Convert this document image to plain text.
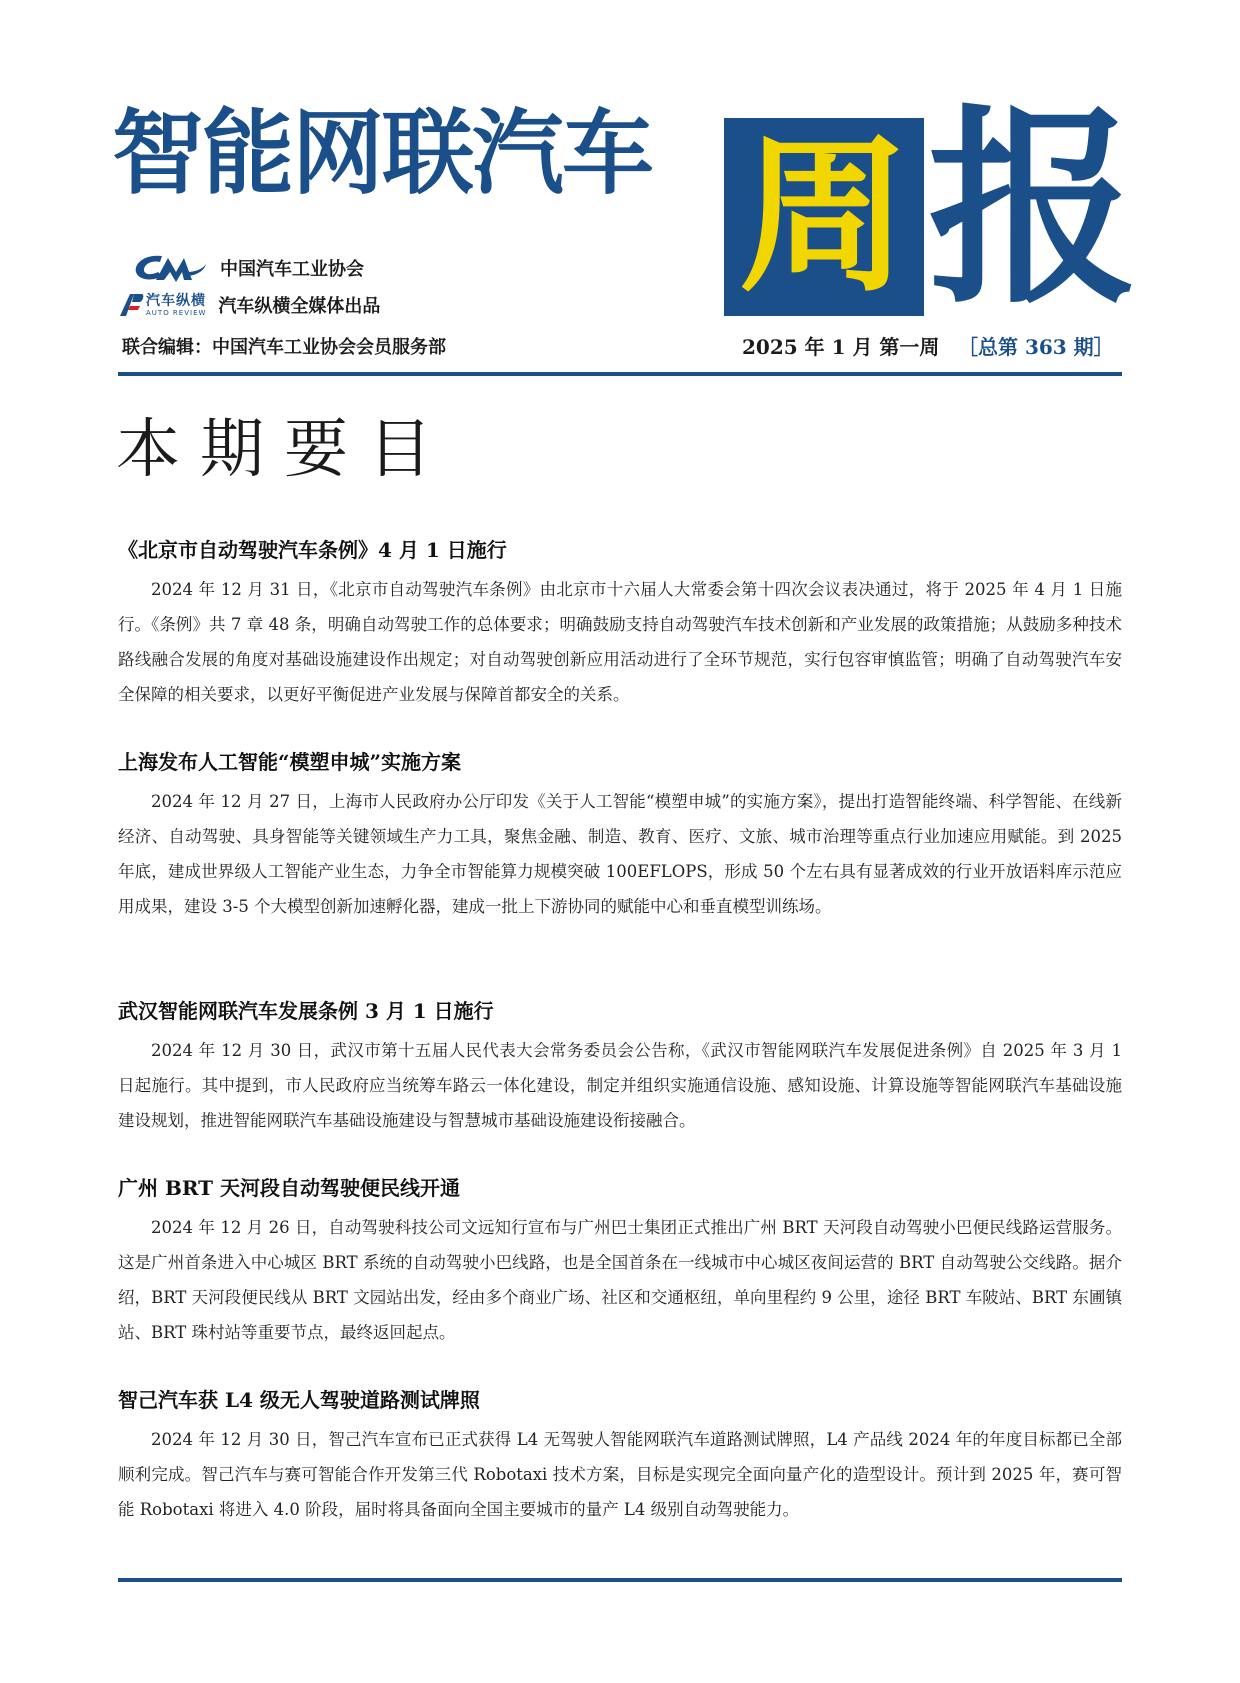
智能网联汽车 周 报
中国汽车工业协会
汽车纵横
AUTO REVIEW 汽车纵横全媒体出品
联合编辑：中国汽车工业协会会员服务部	2025 年 1 月 第一周 ［总第 363 期］
本期要目

《北京市自动驾驶汽车条例》4 月 1 日施行

2024 年 12 月 31 日，《北京市自动驾驶汽车条例》由北京市十六届人大常委会第十四次会议表决通过，将于 2025 年 4 月 1 日施行。《条例》共 7 章 48 条，明确自动驾驶工作的总体要求；明确鼓励支持自动驾驶汽车技术创新和产业发展的政策措施；从鼓励多种技术路线融合发展的角度对基础设施建设作出规定；对自动驾驶创新应用活动进行了全环节规范，实行包容审慎监管；明确了自动驾驶汽车安全保障的相关要求，以更好平衡促进产业发展与保障首都安全的关系。

上海发布人工智能“模塑申城”实施方案

2024 年 12 月 27 日，上海市人民政府办公厅印发《关于人工智能“模塑申城”的实施方案》，提出打造智能终端、科学智能、在线新经济、自动驾驶、具身智能等关键领域生产力工具，聚焦金融、制造、教育、医疗、文旅、城市治理等重点行业加速应用赋能。到 2025 年底，建成世界级人工智能产业生态，力争全市智能算力规模突破 100EFLOPS，形成 50 个左右具有显著成效的行业开放语料库示范应用成果，建设 3-5 个大模型创新加速孵化器，建成一批上下游协同的赋能中心和垂直模型训练场。

武汉智能网联汽车发展条例 3 月 1 日施行

2024 年 12 月 30 日，武汉市第十五届人民代表大会常务委员会公告称，《武汉市智能网联汽车发展促进条例》自 2025 年 3 月 1 日起施行。其中提到，市人民政府应当统筹车路云一体化建设，制定并组织实施通信设施、感知设施、计算设施等智能网联汽车基础设施建设规划，推进智能网联汽车基础设施建设与智慧城市基础设施建设衔接融合。

广州 BRT 天河段自动驾驶便民线开通

2024 年 12 月 26 日，自动驾驶科技公司文远知行宣布与广州巴士集团正式推出广州 BRT 天河段自动驾驶小巴便民线路运营服务。这是广州首条进入中心城区 BRT 系统的自动驾驶小巴线路，也是全国首条在一线城市中心城区夜间运营的 BRT 自动驾驶公交线路。据介绍，BRT 天河段便民线从 BRT 文园站出发，经由多个商业广场、社区和交通枢纽，单向里程约 9 公里，途径 BRT 车陂站、BRT 东圃镇站、BRT 珠村站等重要节点，最终返回起点。

智己汽车获 L4 级无人驾驶道路测试牌照

2024 年 12 月 30 日，智己汽车宣布已正式获得 L4 无驾驶人智能网联汽车道路测试牌照，L4 产品线 2024 年的年度目标都已全部顺利完成。智己汽车与赛可智能合作开发第三代 Robotaxi 技术方案，目标是实现完全面向量产化的造型设计。预计到 2025 年，赛可智能 Robotaxi 将进入 4.0 阶段，届时将具备面向全国主要城市的量产 L4 级别自动驾驶能力。
